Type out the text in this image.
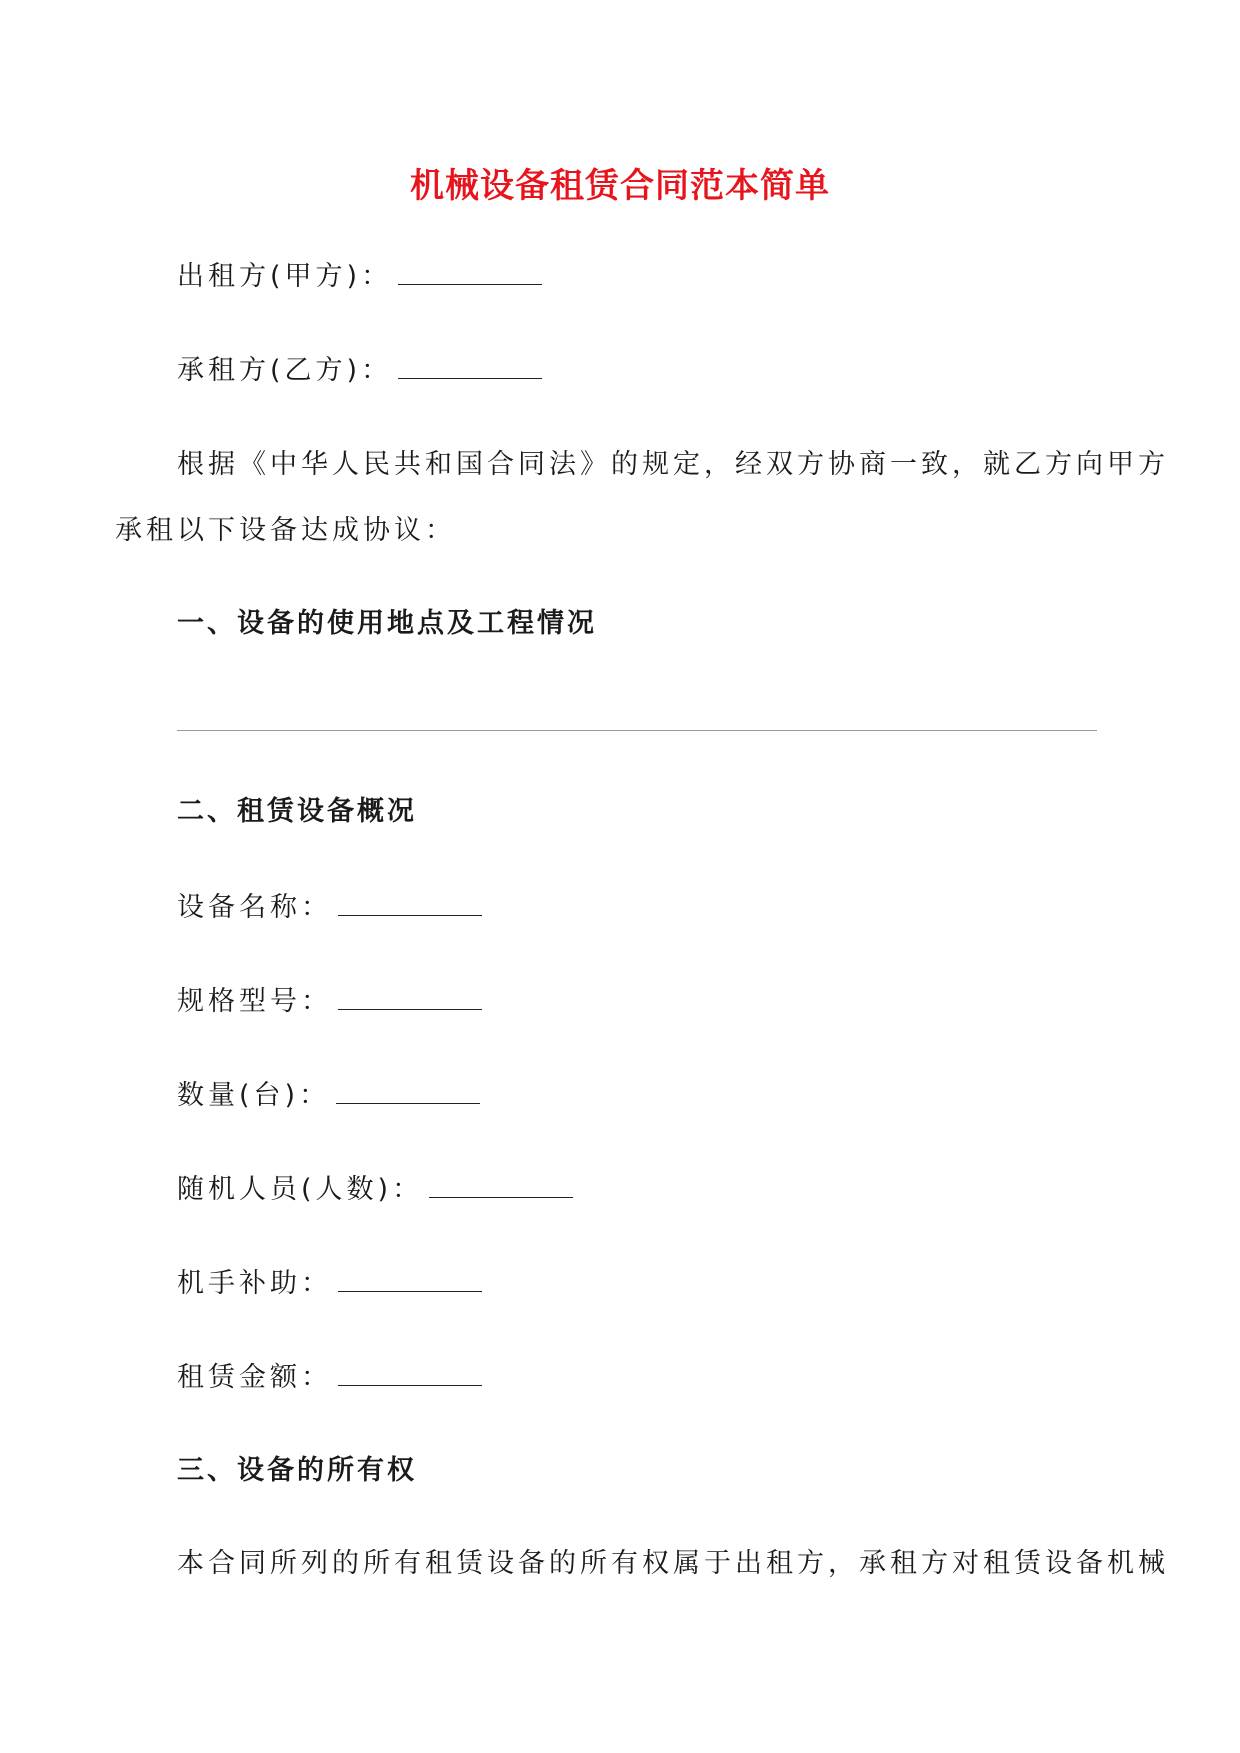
机械设备租赁合同范本简单
出租方(甲方)：
承租方(乙方)：
根据《中华人民共和国合同法》的规定，经双方协商一致，就乙方向甲方
承租以下设备达成协议：
一、设备的使用地点及工程情况
二、租赁设备概况
设备名称：
规格型号：
数量(台)：
随机人员(人数)：
机手补助：
租赁金额：
三、设备的所有权
本合同所列的所有租赁设备的所有权属于出租方，承租方对租赁设备机械
